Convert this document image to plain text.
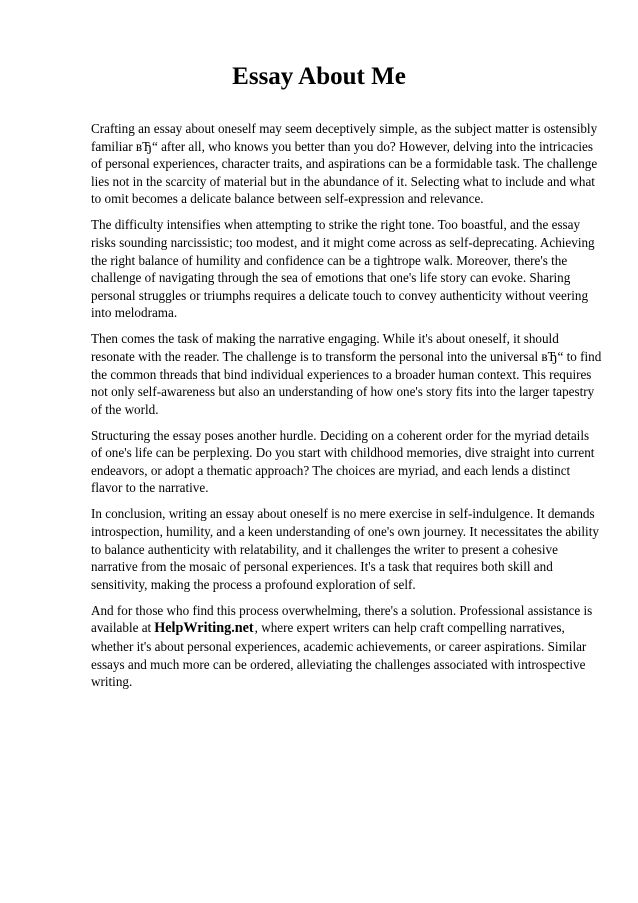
Essay About Me

Crafting an essay about oneself may seem deceptively simple, as the subject matter is ostensibly
familiar вЂ“ after all, who knows you better than you do? However, delving into the intricacies
of personal experiences, character traits, and aspirations can be a formidable task. The challenge
lies not in the scarcity of material but in the abundance of it. Selecting what to include and what
to omit becomes a delicate balance between self-expression and relevance.

The difficulty intensifies when attempting to strike the right tone. Too boastful, and the essay
risks sounding narcissistic; too modest, and it might come across as self-deprecating. Achieving
the right balance of humility and confidence can be a tightrope walk. Moreover, there's the
challenge of navigating through the sea of emotions that one's life story can evoke. Sharing
personal struggles or triumphs requires a delicate touch to convey authenticity without veering
into melodrama.

Then comes the task of making the narrative engaging. While it's about oneself, it should
resonate with the reader. The challenge is to transform the personal into the universal вЂ“ to find
the common threads that bind individual experiences to a broader human context. This requires
not only self-awareness but also an understanding of how one's story fits into the larger tapestry
of the world.

Structuring the essay poses another hurdle. Deciding on a coherent order for the myriad details
of one's life can be perplexing. Do you start with childhood memories, dive straight into current
endeavors, or adopt a thematic approach? The choices are myriad, and each lends a distinct
flavor to the narrative.

In conclusion, writing an essay about oneself is no mere exercise in self-indulgence. It demands
introspection, humility, and a keen understanding of one's own journey. It necessitates the ability
to balance authenticity with relatability, and it challenges the writer to present a cohesive
narrative from the mosaic of personal experiences. It's a task that requires both skill and
sensitivity, making the process a profound exploration of self.

And for those who find this process overwhelming, there's a solution. Professional assistance is
available at HelpWriting.net, where expert writers can help craft compelling narratives,
whether it's about personal experiences, academic achievements, or career aspirations. Similar
essays and much more can be ordered, alleviating the challenges associated with introspective
writing.
